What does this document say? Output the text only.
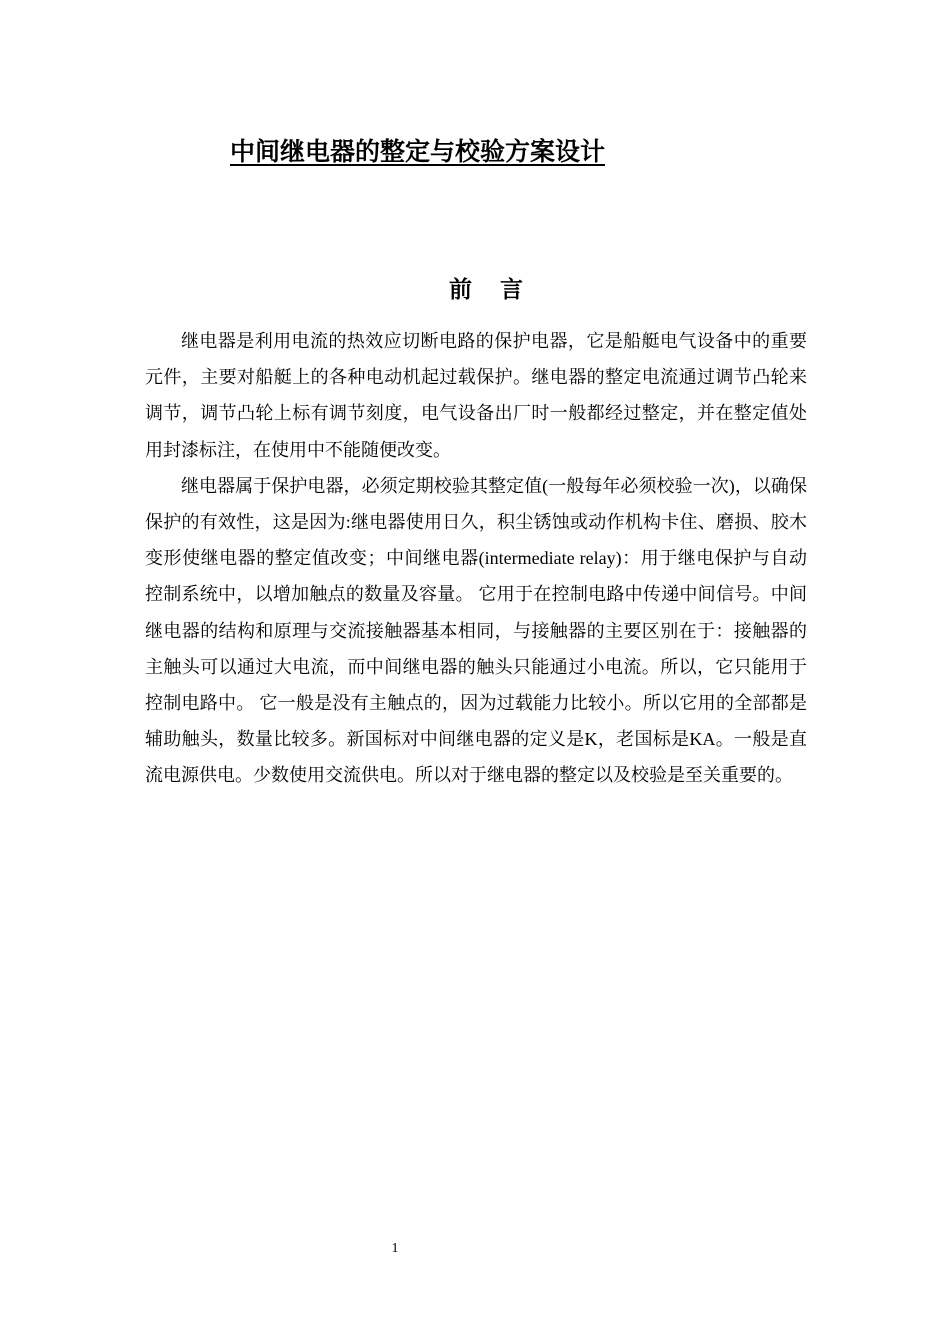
中间继电器的整定与校验方案设计
前言

继电器是利用电流的热效应切断电路的保护电器，它是船艇电气设备中的重要元件，主要对船艇上的各种电动机起过载保护。继电器的整定电流通过调节凸轮来调节，调节凸轮上标有调节刻度，电气设备出厂时一般都经过整定，并在整定值处用封漆标注，在使用中不能随便改变。

继电器属于保护电器，必须定期校验其整定值(一般每年必须校验一次)，以确保保护的有效性，这是因为:继电器使用日久，积尘锈蚀或动作机构卡住、磨损、胶木变形使继电器的整定值改变；中间继电器(intermediate relay)：用于继电保护与自动控制系统中，以增加触点的数量及容量。 它用于在控制电路中传递中间信号。中间继电器的结构和原理与交流接触器基本相同，与接触器的主要区别在于：接触器的主触头可以通过大电流，而中间继电器的触头只能通过小电流。所以，它只能用于控制电路中。 它一般是没有主触点的，因为过载能力比较小。所以它用的全部都是辅助触头，数量比较多。新国标对中间继电器的定义是K，老国标是KA。一般是直流电源供电。少数使用交流供电。所以对于继电器的整定以及校验是至关重要的。

1
